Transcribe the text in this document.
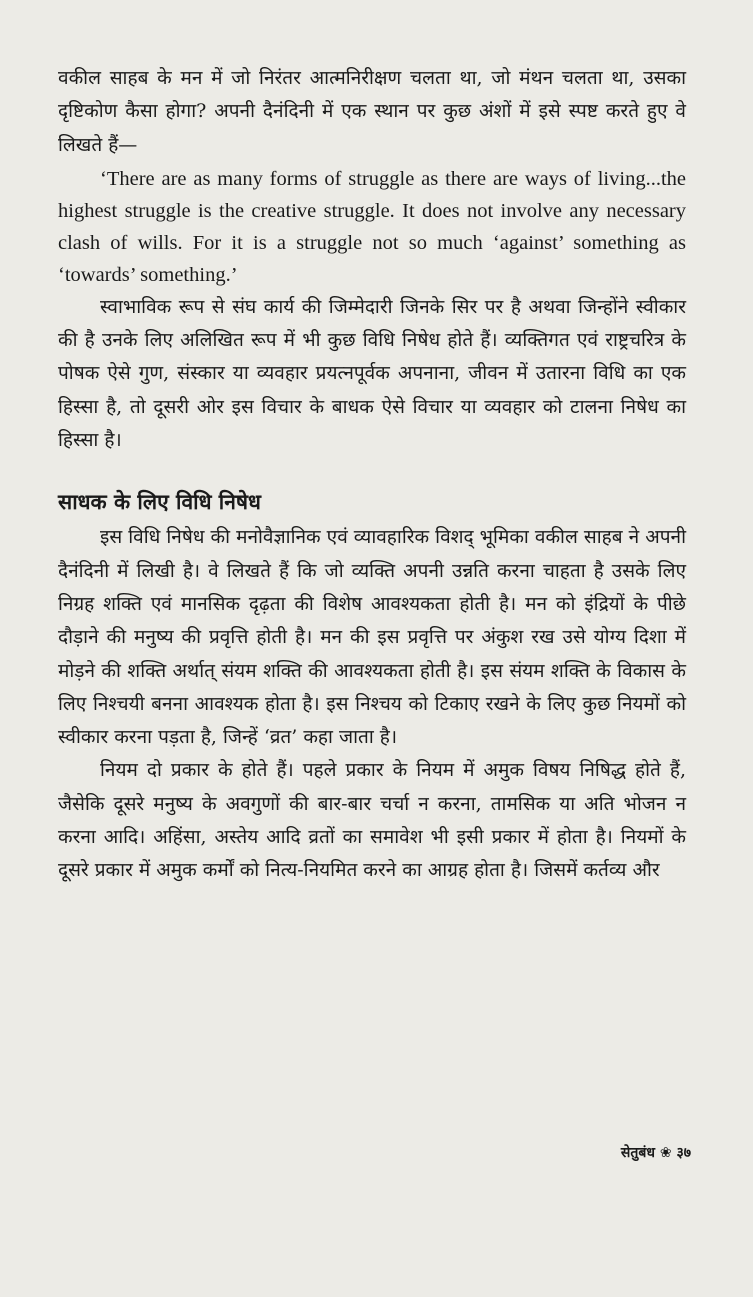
वकील साहब के मन में जो निरंतर आत्मनिरीक्षण चलता था, जो मंथन चलता था, उसका दृष्टिकोण कैसा होगा? अपनी दैनंदिनी में एक स्थान पर कुछ अंशों में इसे स्पष्ट करते हुए वे लिखते हैं—

‘There are as many forms of struggle as there are ways of living...the highest struggle is the creative struggle. It does not involve any necessary clash of wills. For it is a struggle not so much ‘against’ something as ‘towards’ something.’

स्वाभाविक रूप से संघ कार्य की जिम्मेदारी जिनके सिर पर है अथवा जिन्होंने स्वीकार की है उनके लिए अलिखित रूप में भी कुछ विधि निषेध होते हैं। व्यक्तिगत एवं राष्ट्रचरित्र के पोषक ऐसे गुण, संस्कार या व्यवहार प्रयत्नपूर्वक अपनाना, जीवन में उतारना विधि का एक हिस्सा है, तो दूसरी ओर इस विचार के बाधक ऐसे विचार या व्यवहार को टालना निषेध का हिस्सा है।

साधक के लिए विधि निषेध

इस विधि निषेध की मनोवैज्ञानिक एवं व्यावहारिक विशद् भूमिका वकील साहब ने अपनी दैनंदिनी में लिखी है। वे लिखते हैं कि जो व्यक्ति अपनी उन्नति करना चाहता है उसके लिए निग्रह शक्ति एवं मानसिक दृढ़ता की विशेष आवश्यकता होती है। मन को इंद्रियों के पीछे दौड़ाने की मनुष्य की प्रवृत्ति होती है। मन की इस प्रवृत्ति पर अंकुश रख उसे योग्य दिशा में मोड़ने की शक्ति अर्थात् संयम शक्ति की आवश्यकता होती है। इस संयम शक्ति के विकास के लिए निश्चयी बनना आवश्यक होता है। इस निश्चय को टिकाए रखने के लिए कुछ नियमों को स्वीकार करना पड़ता है, जिन्हें ‘व्रत’ कहा जाता है।

नियम दो प्रकार के होते हैं। पहले प्रकार के नियम में अमुक विषय निषिद्ध होते हैं, जैसेकि दूसरे मनुष्य के अवगुणों की बार-बार चर्चा न करना, तामसिक या अति भोजन न करना आदि। अहिंसा, अस्तेय आदि व्रतों का समावेश भी इसी प्रकार में होता है। नियमों के दूसरे प्रकार में अमुक कर्मों को नित्य-नियमित करने का आग्रह होता है। जिसमें कर्तव्य और

सेतुबंध ❀ ३७
